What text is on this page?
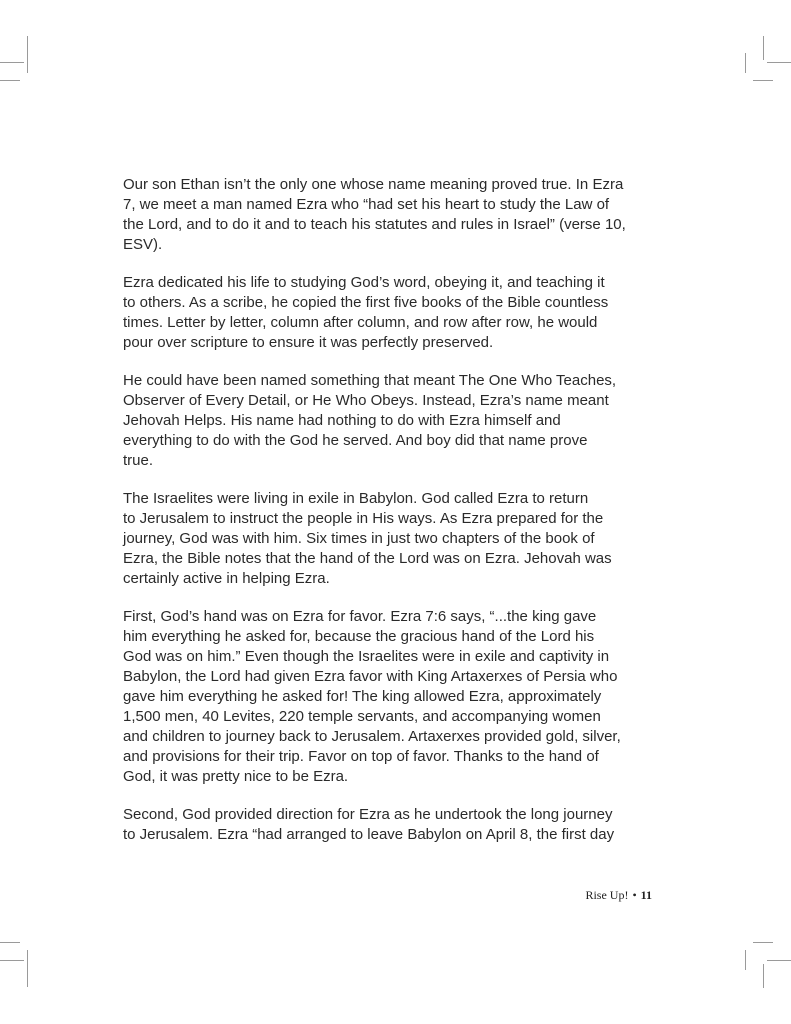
Our son Ethan isn’t the only one whose name meaning proved true. In Ezra
7, we meet a man named Ezra who “had set his heart to study the Law of
the Lord, and to do it and to teach his statutes and rules in Israel” (verse 10,
ESV).

Ezra dedicated his life to studying God’s word, obeying it, and teaching it
to others. As a scribe, he copied the first five books of the Bible countless
times. Letter by letter, column after column, and row after row, he would
pour over scripture to ensure it was perfectly preserved.

He could have been named something that meant The One Who Teaches,
Observer of Every Detail, or He Who Obeys. Instead, Ezra’s name meant
Jehovah Helps. His name had nothing to do with Ezra himself and
everything to do with the God he served. And boy did that name prove
true.

The Israelites were living in exile in Babylon. God called Ezra to return
to Jerusalem to instruct the people in His ways. As Ezra prepared for the
journey, God was with him. Six times in just two chapters of the book of
Ezra, the Bible notes that the hand of the Lord was on Ezra. Jehovah was
certainly active in helping Ezra.

First, God’s hand was on Ezra for favor. Ezra 7:6 says, “...the king gave
him everything he asked for, because the gracious hand of the Lord his
God was on him.” Even though the Israelites were in exile and captivity in
Babylon, the Lord had given Ezra favor with King Artaxerxes of Persia who
gave him everything he asked for! The king allowed Ezra, approximately
1,500 men, 40 Levites, 220 temple servants, and accompanying women
and children to journey back to Jerusalem. Artaxerxes provided gold, silver,
and provisions for their trip. Favor on top of favor. Thanks to the hand of
God, it was pretty nice to be Ezra.

Second, God provided direction for Ezra as he undertook the long journey
to Jerusalem. Ezra “had arranged to leave Babylon on April 8, the first day

Rise Up! • 11
